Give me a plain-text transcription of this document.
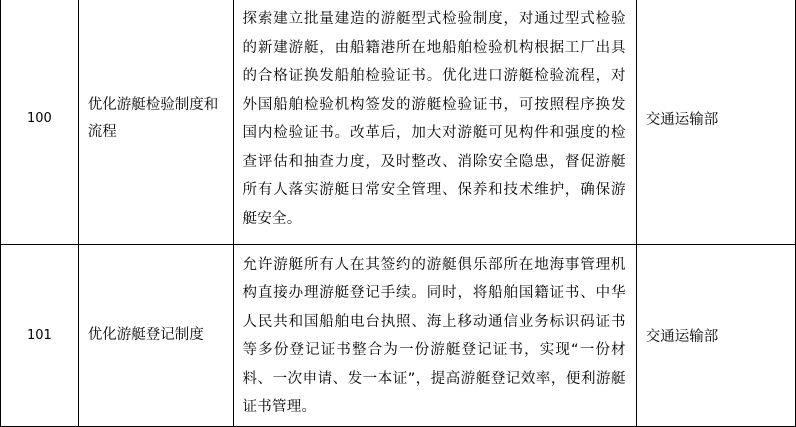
100	优化游艇检验制度和流程	探索建立批量建造的游艇型式检验制度，对通过型式检验的新建游艇，由船籍港所在地船舶检验机构根据工厂出具的合格证换发船舶检验证书。优化进口游艇检验流程，对外国船舶检验机构签发的游艇检验证书，可按照程序换发国内检验证书。改革后，加大对游艇可见构件和强度的检查评估和抽查力度，及时整改、消除安全隐患，督促游艇所有人落实游艇日常安全管理、保养和技术维护，确保游艇安全。	交通运输部
101	优化游艇登记制度	允许游艇所有人在其签约的游艇俱乐部所在地海事管理机构直接办理游艇登记手续。同时，将船舶国籍证书、中华人民共和国船舶电台执照、海上移动通信业务标识码证书等多份登记证书整合为一份游艇登记证书，实现“一份材料、一次申请、发一本证”，提高游艇登记效率，便利游艇证书管理。	交通运输部
